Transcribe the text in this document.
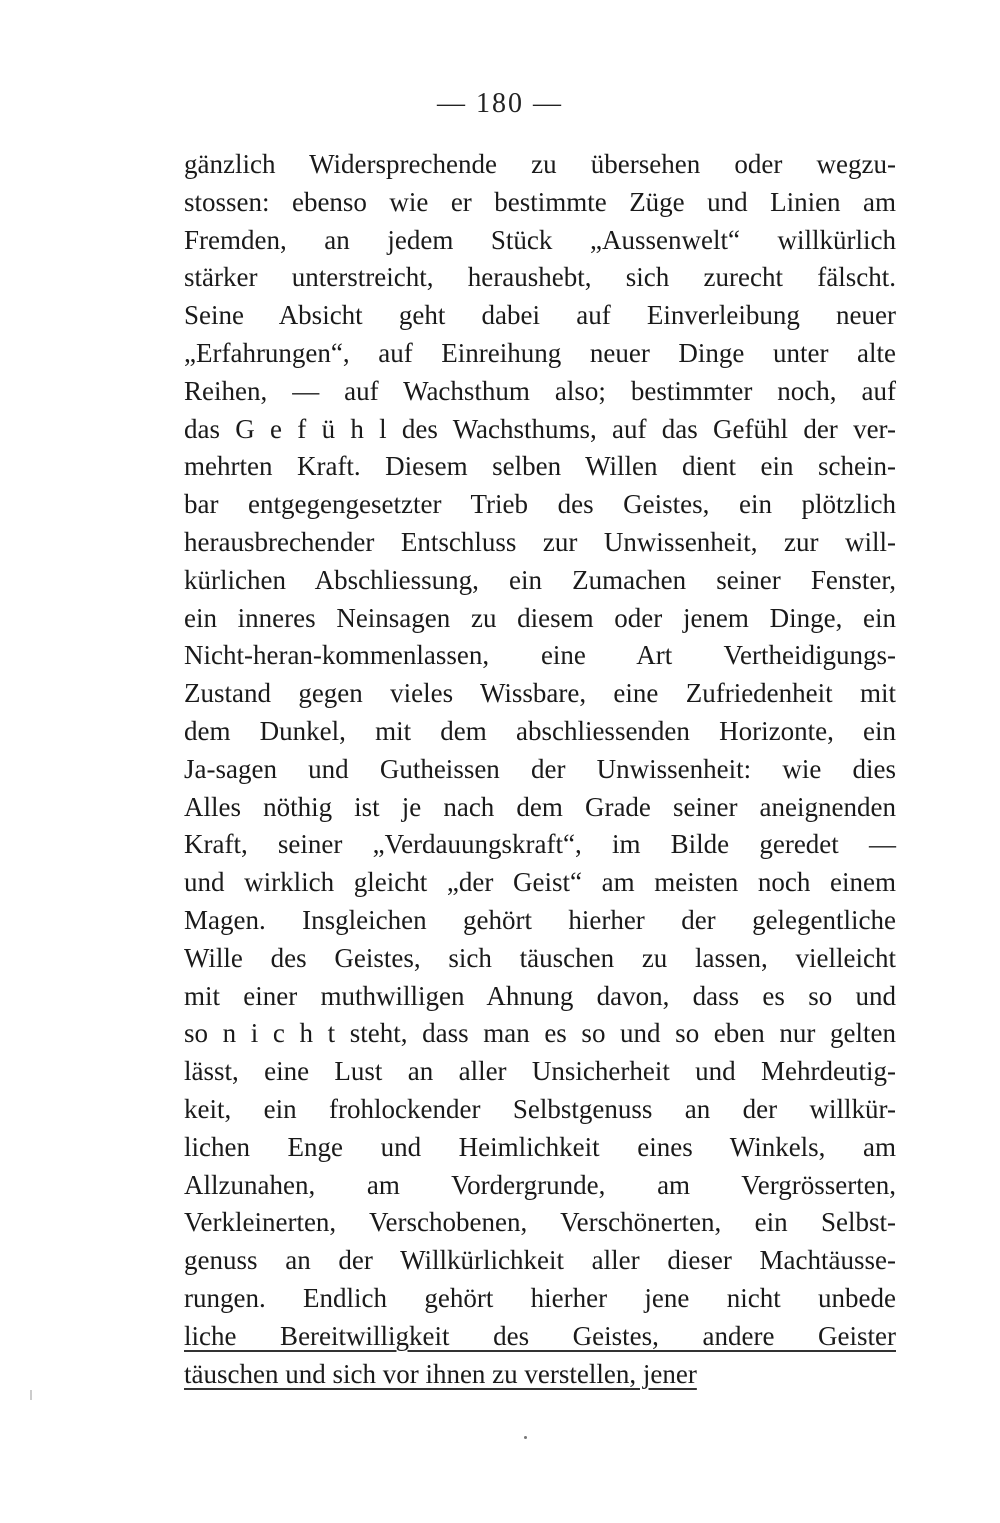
— 180 —
gänzlich Widersprechende zu übersehen oder wegzu-
stossen: ebenso wie er bestimmte Züge und Linien am
Fremden, an jedem Stück „Aussenwelt“ willkürlich
stärker unterstreicht, heraushebt, sich zurecht fälscht.
Seine Absicht geht dabei auf Einverleibung neuer
„Erfahrungen“, auf Einreihung neuer Dinge unter alte
Reihen, — auf Wachsthum also; bestimmter noch, auf
das G e f ü h l des Wachsthums, auf das Gefühl der ver-
mehrten Kraft. Diesem selben Willen dient ein schein-
bar entgegengesetzter Trieb des Geistes, ein plötzlich
herausbrechender Entschluss zur Unwissenheit, zur will-
kürlichen Abschliessung, ein Zumachen seiner Fenster,
ein inneres Neinsagen zu diesem oder jenem Dinge, ein
Nicht-heran-kommenlassen, eine Art Vertheidigungs-
Zustand gegen vieles Wissbare, eine Zufriedenheit mit
dem Dunkel, mit dem abschliessenden Horizonte, ein
Ja-sagen und Gutheissen der Unwissenheit: wie dies
Alles nöthig ist je nach dem Grade seiner aneignenden
Kraft, seiner „Verdauungskraft“, im Bilde geredet —
und wirklich gleicht „der Geist“ am meisten noch einem
Magen. Insgleichen gehört hierher der gelegentliche
Wille des Geistes, sich täuschen zu lassen, vielleicht
mit einer muthwilligen Ahnung davon, dass es so und
so n i c h t steht, dass man es so und so eben nur gelten
lässt, eine Lust an aller Unsicherheit und Mehrdeutig-
keit, ein frohlockender Selbstgenuss an der willkür-
lichen Enge und Heimlichkeit eines Winkels, am
Allzunahen, am Vordergrunde, am Vergrösserten,
Verkleinerten, Verschobenen, Verschönerten, ein Selbst-
genuss an der Willkürlichkeit aller dieser Machtäusse-
rungen. Endlich gehört hierher jene nicht unbede
liche Bereitwilligkeit des Geistes, andere Geister
täuschen und sich vor ihnen zu verstellen, jener
